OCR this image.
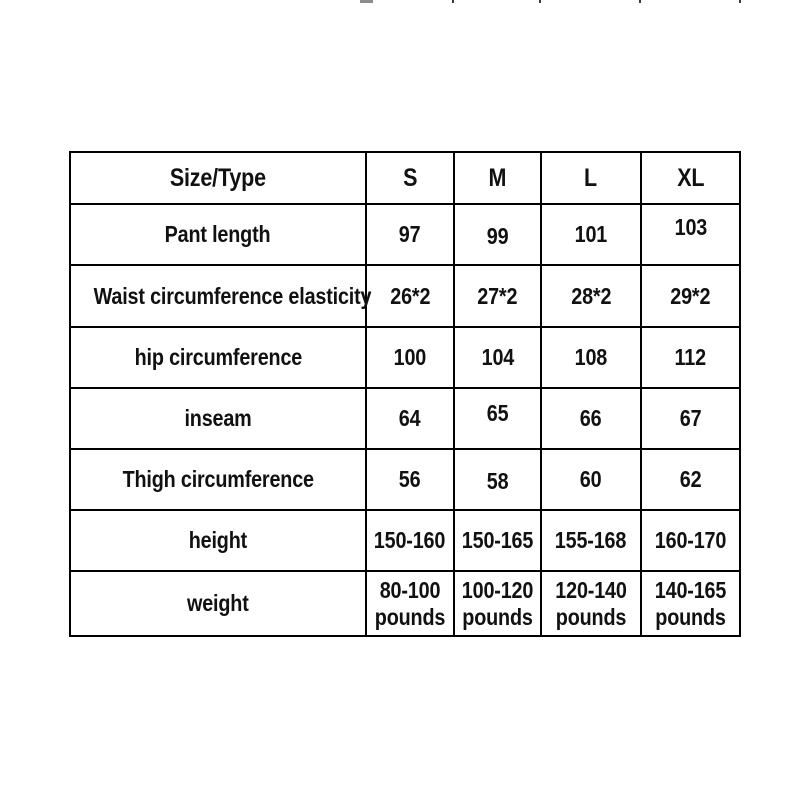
Size/Type	S	M	L	XL
Pant length	97	99	101	103
Waist circumference elasticity	26*2	27*2	28*2	29*2
hip circumference	100	104	108	112
inseam	64	65	66	67
Thigh circumference	56	58	60	62
height	150-160	150-165	155-168	160-170
weight	80-100 pounds	100-120 pounds	120-140 pounds	140-165 pounds
